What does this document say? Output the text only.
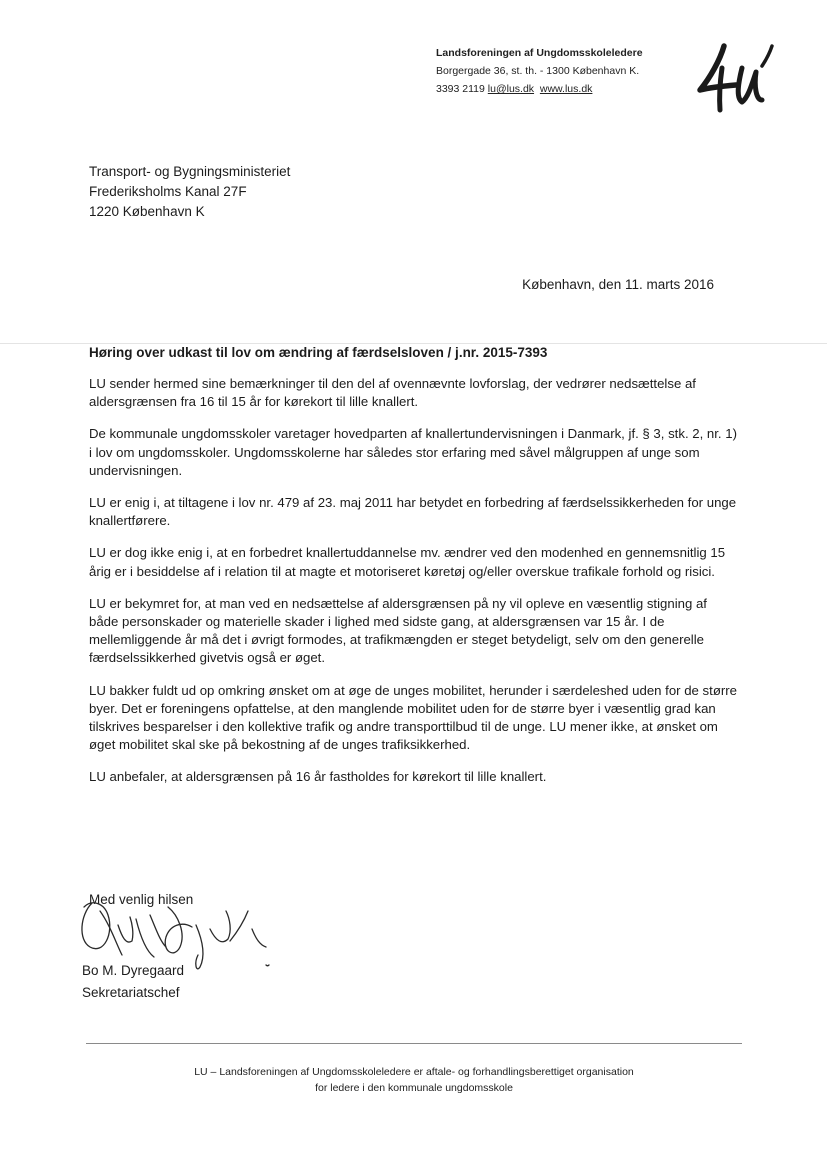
Landsforeningen af Ungdomsskoleledere
Borgergade 36, st. th. - 1300 København K.
3393 2119 lu@lus.dk www.lus.dk
Transport- og Bygningsministeriet
Frederiksholms Kanal 27F
1220 København K
København, den 11. marts 2016
Høring over udkast til lov om ændring af færdselsloven / j.nr. 2015-7393

LU sender hermed sine bemærkninger til den del af ovennævnte lovforslag, der vedrører nedsættelse af aldersgrænsen fra 16 til 15 år for kørekort til lille knallert.

De kommunale ungdomsskoler varetager hovedparten af knallertundervisningen i Danmark, jf. § 3, stk. 2, nr. 1) i lov om ungdomsskoler. Ungdomsskolerne har således stor erfaring med såvel målgruppen af unge som undervisningen.

LU er enig i, at tiltagene i lov nr. 479 af 23. maj 2011 har betydet en forbedring af færdselssikkerheden for unge knallertførere.

LU er dog ikke enig i, at en forbedret knallertuddannelse mv. ændrer ved den modenhed en gennemsnitlig 15 årig er i besiddelse af i relation til at magte et motoriseret køretøj og/eller overskue trafikale forhold og risici.

LU er bekymret for, at man ved en nedsættelse af aldersgrænsen på ny vil opleve en væsentlig stigning af både personskader og materielle skader i lighed med sidste gang, at aldersgrænsen var 15 år. I de mellemliggende år må det i øvrigt formodes, at trafikmængden er steget betydeligt, selv om den generelle færdselssikkerhed givetvis også er øget.

LU bakker fuldt ud op omkring ønsket om at øge de unges mobilitet, herunder i særdeleshed uden for de større byer. Det er foreningens opfattelse, at den manglende mobilitet uden for de større byer i væsentlig grad kan tilskrives besparelser i den kollektive trafik og andre transporttilbud til de unge. LU mener ikke, at ønsket om øget mobilitet skal ske på bekostning af de unges trafiksikkerhed.

LU anbefaler, at aldersgrænsen på 16 år fastholdes for kørekort til lille knallert.

Med venlig hilsen
Bo M. Dyregaard
Sekretariatschef
LU – Landsforeningen af Ungdomsskoleledere er aftale- og forhandlingsberettiget organisation
for ledere i den kommunale ungdomsskole
